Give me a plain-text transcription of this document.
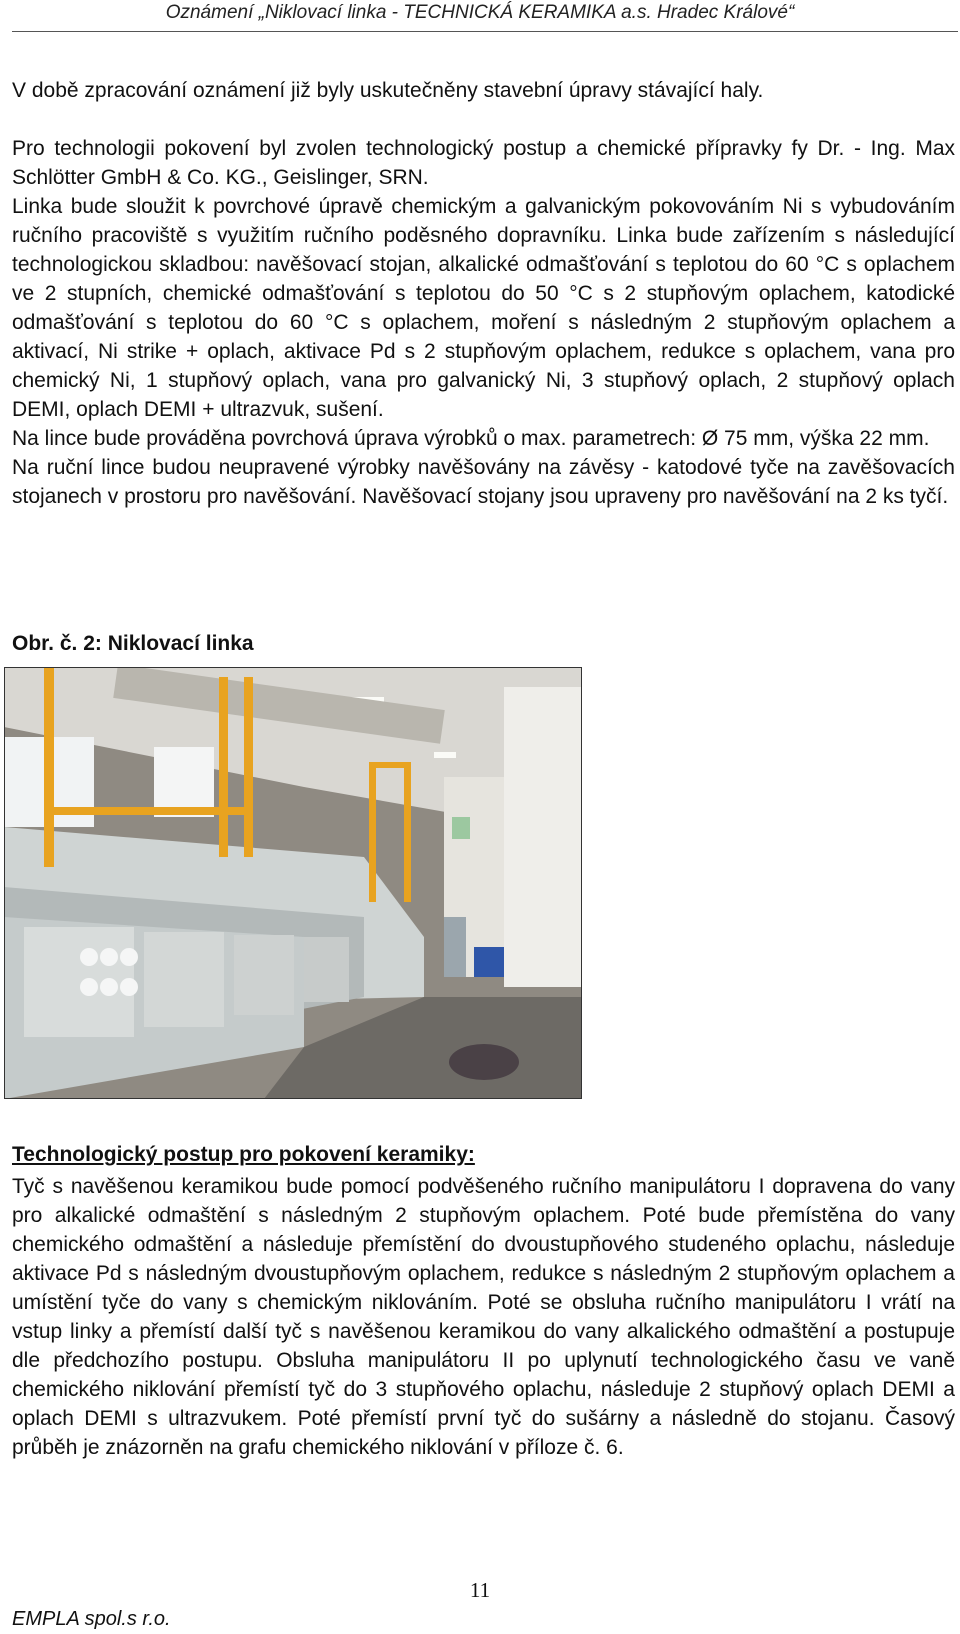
Oznámení „Niklovací linka - TECHNICKÁ KERAMIKA a.s. Hradec Králové“

V době zpracování oznámení již byly uskutečněny stavební úpravy stávající haly.

Pro technologii pokovení byl zvolen technologický postup a chemické přípravky fy Dr. - Ing. Max Schlötter GmbH & Co. KG., Geislinger, SRN.

Linka bude sloužit k povrchové úpravě chemickým a galvanickým pokovováním Ni s vybudováním ručního pracoviště s využitím ručního poděsného dopravníku. Linka bude zařízením s následující technologickou skladbou: navěšovací stojan, alkalické odmašťování s teplotou do 60 °C s oplachem ve 2 stupních, chemické odmašťování s teplotou do 50 °C s 2 stupňovým oplachem, katodické odmašťování s teplotou do 60 °C s oplachem, moření s následným 2 stupňovým oplachem a aktivací, Ni strike + oplach, aktivace Pd s 2 stupňovým oplachem, redukce s oplachem, vana pro chemický Ni, 1 stupňový oplach, vana pro galvanický Ni, 3 stupňový oplach, 2 stupňový oplach DEMI, oplach DEMI + ultrazvuk, sušení.

Na lince bude prováděna povrchová úprava výrobků o max. parametrech: Ø 75 mm, výška 22 mm.

Na ruční lince budou neupravené výrobky navěšovány na závěsy - katodové tyče na zavěšovacích stojanech v prostoru pro navěšování. Navěšovací stojany jsou upraveny pro navěšování na 2 ks tyčí.

Obr. č. 2: Niklovací linka
Technologický postup pro pokovení keramiky:

Tyč s navěšenou keramikou bude pomocí podvěšeného ručního manipulátoru I dopravena do vany pro alkalické odmaštění s následným 2 stupňovým oplachem. Poté bude přemístěna do vany chemického odmaštění a následuje přemístění do dvoustupňového studeného oplachu, následuje aktivace Pd s následným dvoustupňovým oplachem, redukce s následným 2 stupňovým oplachem a umístění tyče do vany s chemickým niklováním. Poté se obsluha ručního manipulátoru I vrátí na vstup linky a přemístí další tyč s navěšenou keramikou do vany alkalického odmaštění a postupuje dle předchozího postupu. Obsluha manipulátoru II po uplynutí technologického času ve vaně chemického niklování přemístí tyč do 3 stupňového oplachu, následuje 2 stupňový oplach DEMI a oplach DEMI s ultrazvukem. Poté přemístí první tyč do sušárny a následně do stojanu. Časový průběh je znázorněn na grafu chemického niklování v příloze č. 6.

11
EMPLA spol.s r.o.
